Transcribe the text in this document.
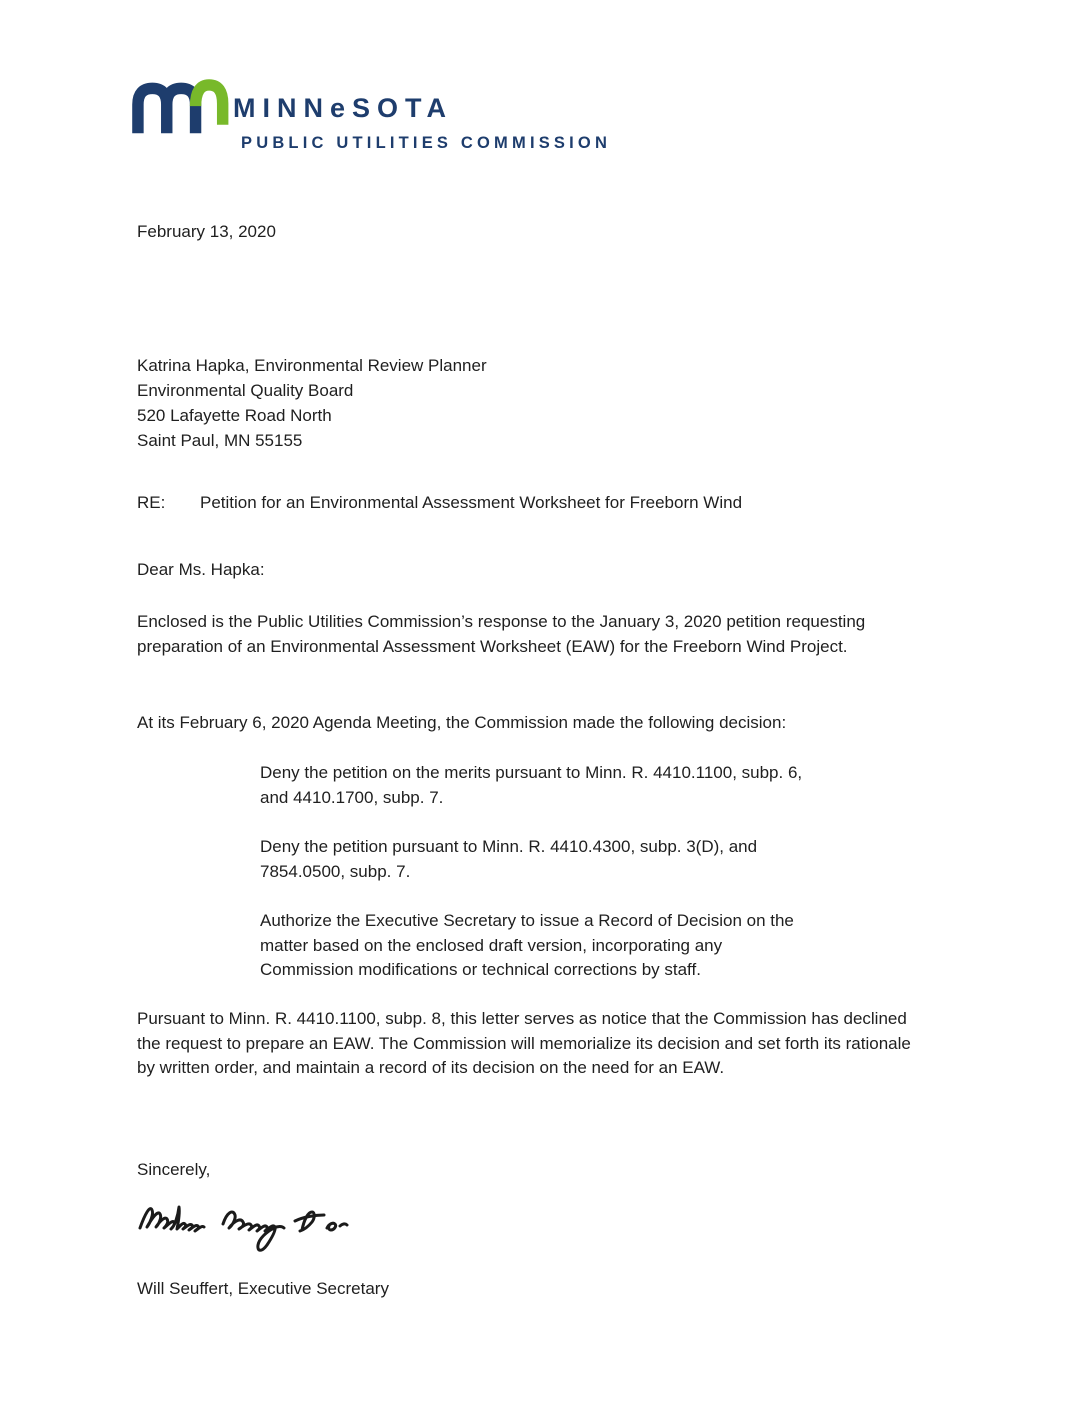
MINNeSOTA
PUBLIC UTILITIES COMMISSION
February 13, 2020
Katrina Hapka, Environmental Review Planner
Environmental Quality Board
520 Lafayette Road North
Saint Paul, MN 55155
RE:	Petition for an Environmental Assessment Worksheet for Freeborn Wind
Dear Ms. Hapka:
Enclosed is the Public Utilities Commission’s response to the January 3, 2020 petition requesting preparation of an Environmental Assessment Worksheet (EAW) for the Freeborn Wind Project.
At its February 6, 2020 Agenda Meeting, the Commission made the following decision:

Deny the petition on the merits pursuant to Minn. R. 4410.1100, subp. 6, and 4410.1700, subp. 7.

Deny the petition pursuant to Minn. R. 4410.4300, subp. 3(D), and 7854.0500, subp. 7.

Authorize the Executive Secretary to issue a Record of Decision on the matter based on the enclosed draft version, incorporating any Commission modifications or technical corrections by staff.

Pursuant to Minn. R. 4410.1100, subp. 8, this letter serves as notice that the Commission has declined the request to prepare an EAW. The Commission will memorialize its decision and set forth its rationale by written order, and maintain a record of its decision on the need for an EAW.
Sincerely,
Will Seuffert, Executive Secretary
